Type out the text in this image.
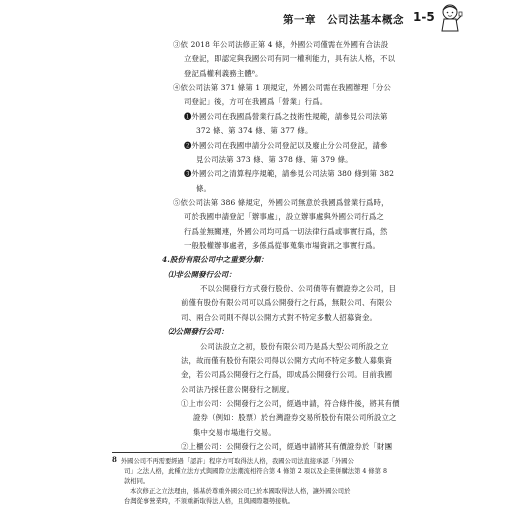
第一章　公司法基本概念 1-5
③依 2018 年公司法修正第 4 條，外國公司僅需在外國有合法設
立登記，即認定與我國公司有同一權利能力，具有法人格，不以
登記爲權利義務主體⁸。
④依公司法第 371 條第 1 項規定，外國公司需在我國辦理「分公
司登記」後，方可在我國爲「營業」行爲。
❶外國公司在我國爲營業行爲之技術性規範，請參見公司法第
372 條、第 374 條、第 377 條。
❷外國公司在我國申請分公司登記以及廢止分公司登記，請參
見公司法第 373 條、第 378 條、第 379 條。
❸外國公司之清算程序規範，請參見公司法第 380 條到第 382
條。
⑤依公司法第 386 條規定，外國公司無意於我國爲營業行爲時，
可於我國申請登記「辦事處」，設立辦事處與外國公司行爲之
行爲並無關連，外國公司均可爲一切法律行爲或事實行爲，然
一般股權辦事處者，多係爲從事蒐集市場資訊之事實行爲。
4.股份有限公司中之重要分類：
⑴非公開發行公司：
不以公開發行方式發行股份、公司債等有價證券之公司，目
前僅有股份有限公司可以爲公開發行之行爲，無限公司、有限公
司、兩合公司則不得以公開方式對不特定多數人招募資金。
⑵公開發行公司：
公司法設立之初，股份有限公司乃是爲大型公司所設之立
法，故而僅有股份有限公司得以公開方式向不特定多數人募集資
金，若公司爲公開發行之行爲，即成爲公開發行公司。目前我國
公司法乃採任意公開發行之制度。
①上市公司：公開發行之公司，經過申請，符合條件後，將其有價
證券（例如：股票）於台灣證券交易所股份有限公司所設立之
集中交易市場進行交易。
②上櫃公司：公開發行之公司，經過申請將其有價證券於「財團
8 外國公司不再需要經過「認許」程序方可取得法人格，我國公司法直接承認「外國公
司」之法人格，此種立法方式與國際立法潮流相符合第 4 條第 2 項以及企業併購法第 4 條第 8
款相同。
本次修正之立法理由，係基於尊重外國公司已於本國取得法人格，讓外國公司於
台灣從事營業時，不須重新取得法人格，且與國際趨勢接軌。
